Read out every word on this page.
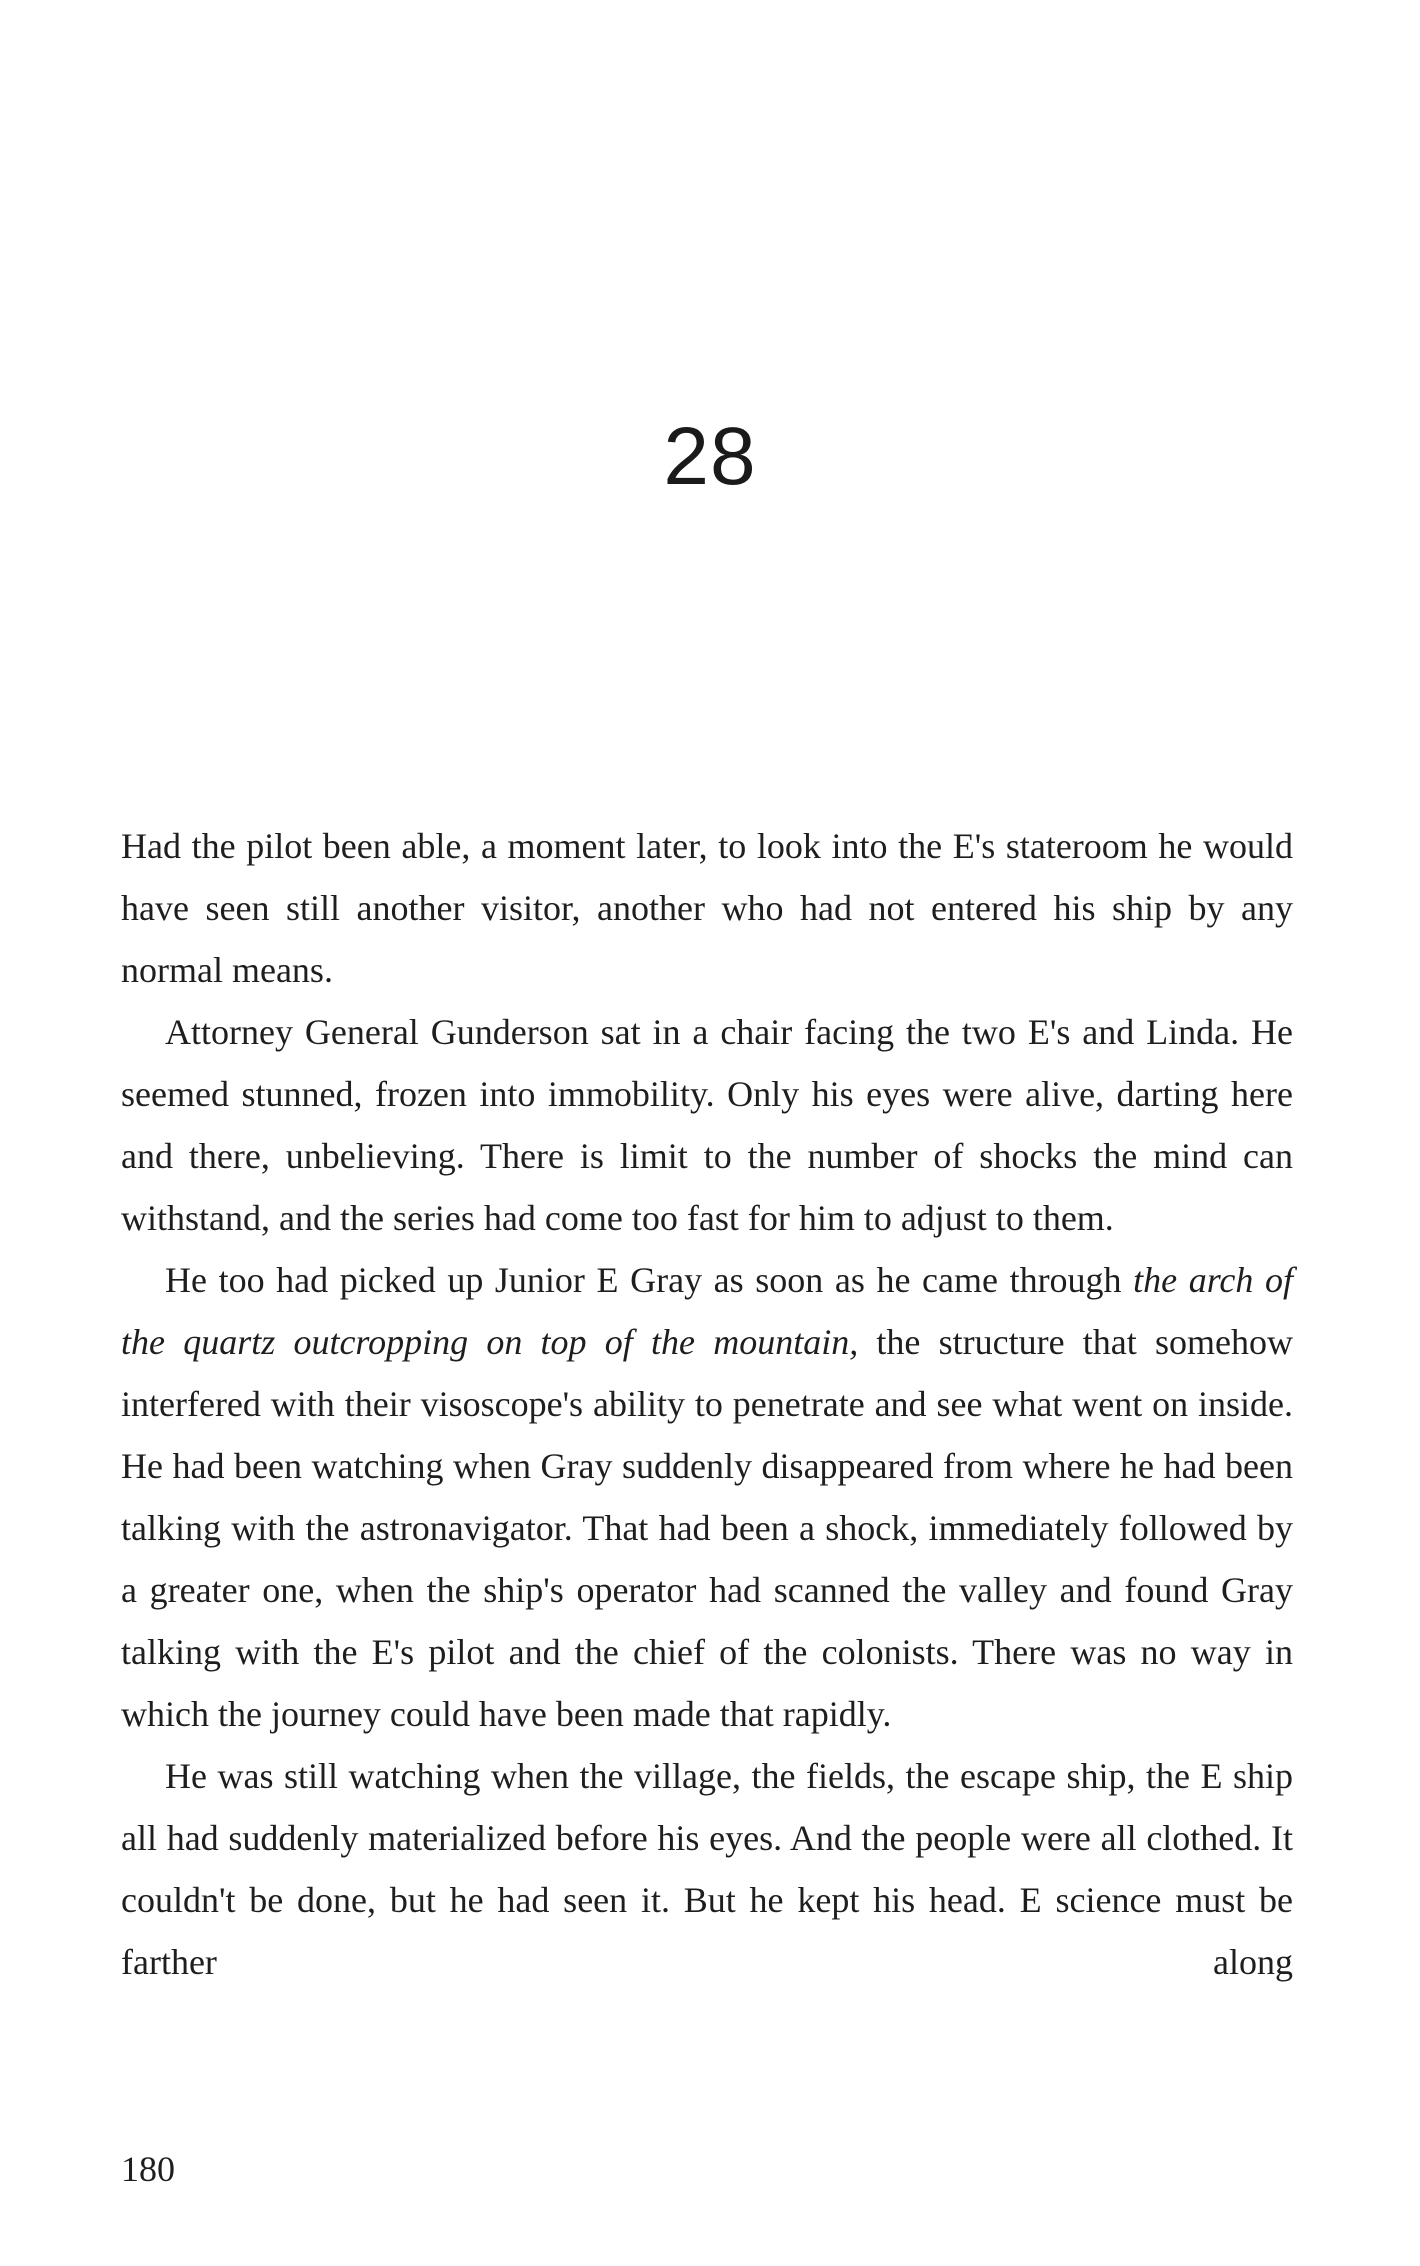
28

Had the pilot been able, a moment later, to look into the E's stateroom he would have seen still another visitor, another who had not entered his ship by any normal means.

Attorney General Gunderson sat in a chair facing the two E's and Linda. He seemed stunned, frozen into immobility. Only his eyes were alive, darting here and there, unbelieving. There is limit to the number of shocks the mind can withstand, and the series had come too fast for him to adjust to them.

He too had picked up Junior E Gray as soon as he came through the arch of the quartz outcropping on top of the mountain, the structure that somehow interfered with their visoscope's ability to penetrate and see what went on inside. He had been watching when Gray suddenly disappeared from where he had been talking with the astronavigator. That had been a shock, immediately followed by a greater one, when the ship's operator had scanned the valley and found Gray talking with the E's pilot and the chief of the colonists. There was no way in which the journey could have been made that rapidly.

He was still watching when the village, the fields, the escape ship, the E ship all had suddenly materialized before his eyes. And the people were all clothed. It couldn't be done, but he had seen it. But he kept his head. E science must be farther along

180
